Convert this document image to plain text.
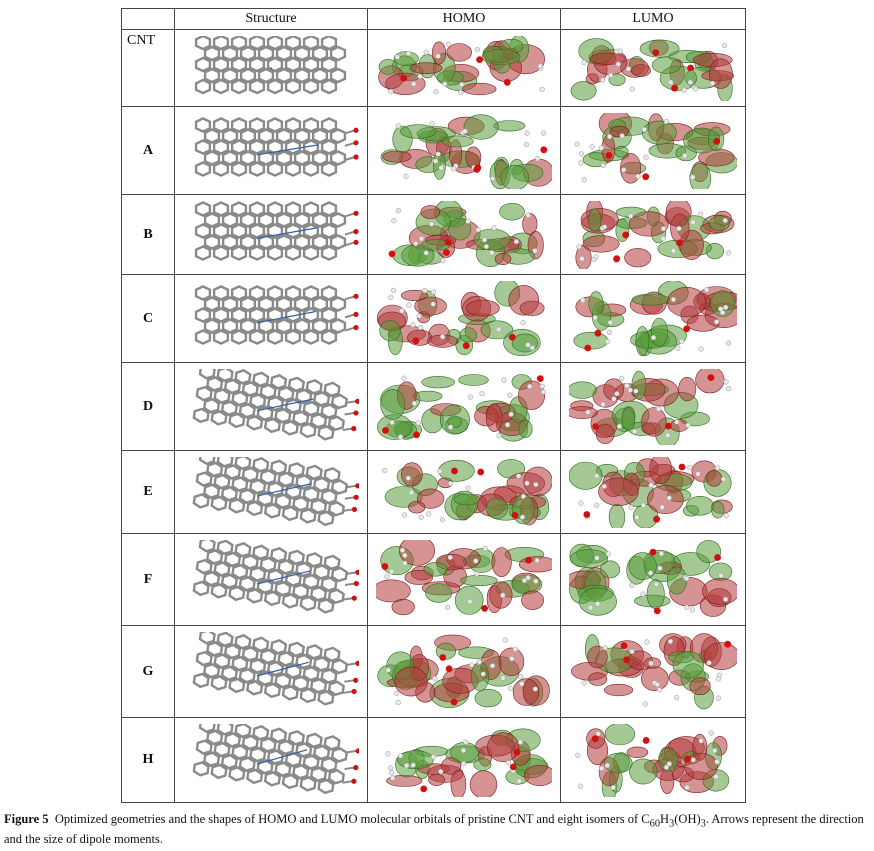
	Structure	HOMO	LUMO
CNT	

A	

B	

C	

D	

E	

F	

G	

H	

Figure 5 Optimized geometries and the shapes of HOMO and LUMO molecular orbitals of pristine CNT and eight isomers of $C_{60}H_3(OH)_3$. Arrows represent the direction and the size of dipole moments.
